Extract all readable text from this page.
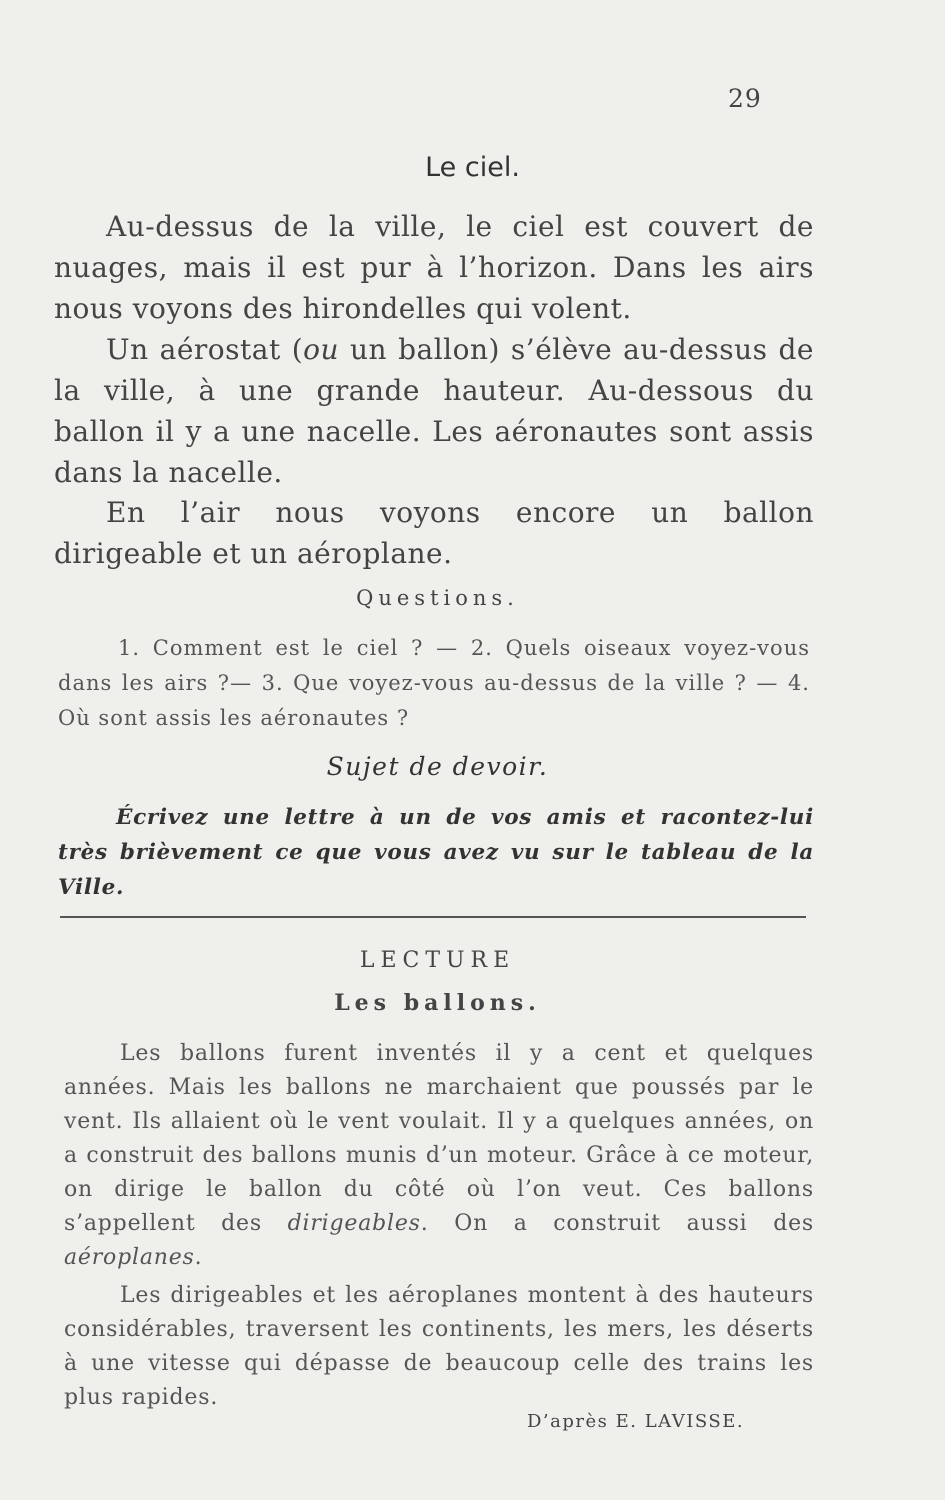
29
Le ciel.

Au-dessus de la ville, le ciel est couvert de nuages, mais il est pur à l’horizon. Dans les airs nous voyons des hirondelles qui volent.

Un aérostat (ou un ballon) s’élève au-dessus de la ville, à une grande hauteur. Au-dessous du ballon il y a une nacelle. Les aéronautes sont assis dans la nacelle.

En l’air nous voyons encore un ballon dirigeable et un aéroplane.

Questions.

1. Comment est le ciel ? — 2. Quels oiseaux voyez-vous dans les airs ?— 3. Que voyez-vous au-dessus de la ville ? — 4. Où sont assis les aéronautes ?

Sujet de devoir.

Écrivez une lettre à un de vos amis et racontez-lui très brièvement ce que vous avez vu sur le tableau de la Ville.

LECTURE
Les ballons.

Les ballons furent inventés il y a cent et quelques années. Mais les ballons ne marchaient que poussés par le vent. Ils allaient où le vent voulait. Il y a quelques années, on a construit des ballons munis d’un moteur. Grâce à ce moteur, on dirige le ballon du côté où l’on veut. Ces ballons s’appellent des dirigeables. On a construit aussi des aéroplanes.

Les dirigeables et les aéroplanes montent à des hauteurs considérables, traversent les continents, les mers, les déserts à une vitesse qui dépasse de beaucoup celle des trains les plus rapides.

D’après E. LAVISSE.
